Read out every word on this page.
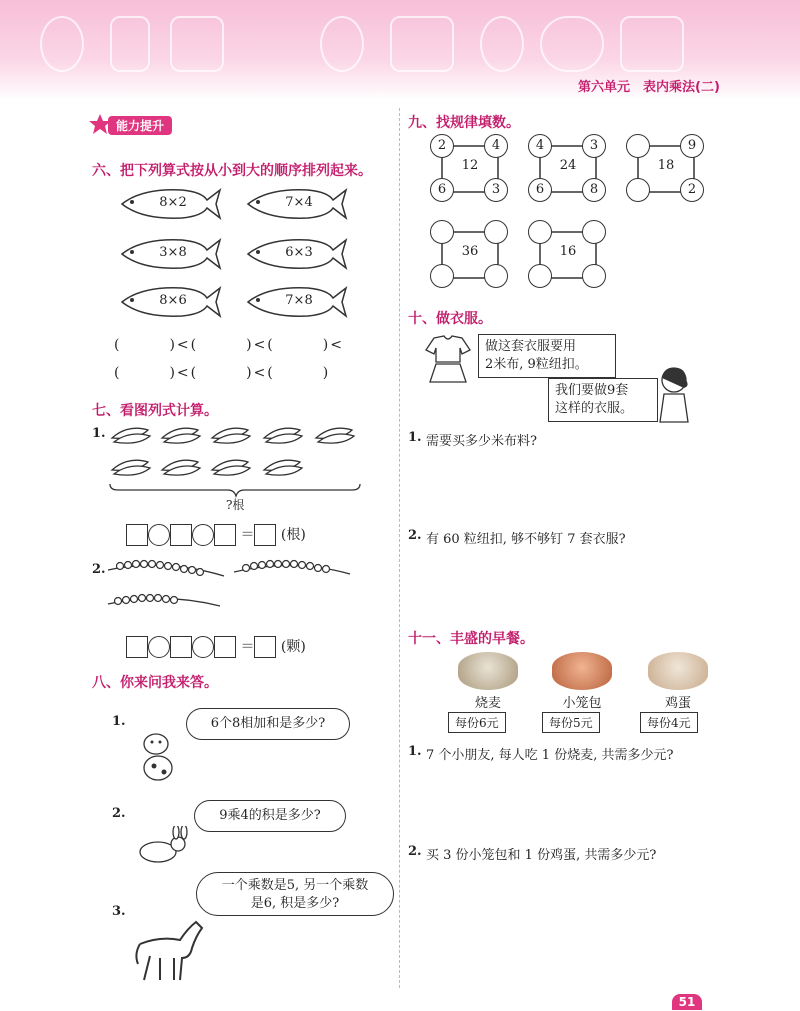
第六单元　表内乘法(二)
能力提升
六、把下列算式按从小到大的顺序排列起来。
8×2	7×4
3×8	6×3
8×6	7×8
(　　　)<(　　　)<(　　　)<
(　　　)<(　　　)<(　　　)
七、看图列式计算。
1.
?根
＝ (根)
2.
＝ (颗)
八、你来问我来答。
1.	6个8相加和是多少?
2.	9乘4的积是多少?
3.
一个乘数是5, 另一个乘数
是6, 积是多少?
九、找规律填数。
2	4
6	3
12
4	3
6	8
24
9
2
18
36	16
十、做衣服。
做这套衣服要用
2米布, 9粒纽扣。
我们要做9套
这样的衣服。
1. 需要买多少米布料?
2. 有 60 粒纽扣, 够不够钉 7 套衣服?
十一、丰盛的早餐。
烧麦
每份6元
小笼包
每份5元
鸡蛋
每份4元
1. 7 个小朋友, 每人吃 1 份烧麦, 共需多少元?
2. 买 3 份小笼包和 1 份鸡蛋, 共需多少元?
51
